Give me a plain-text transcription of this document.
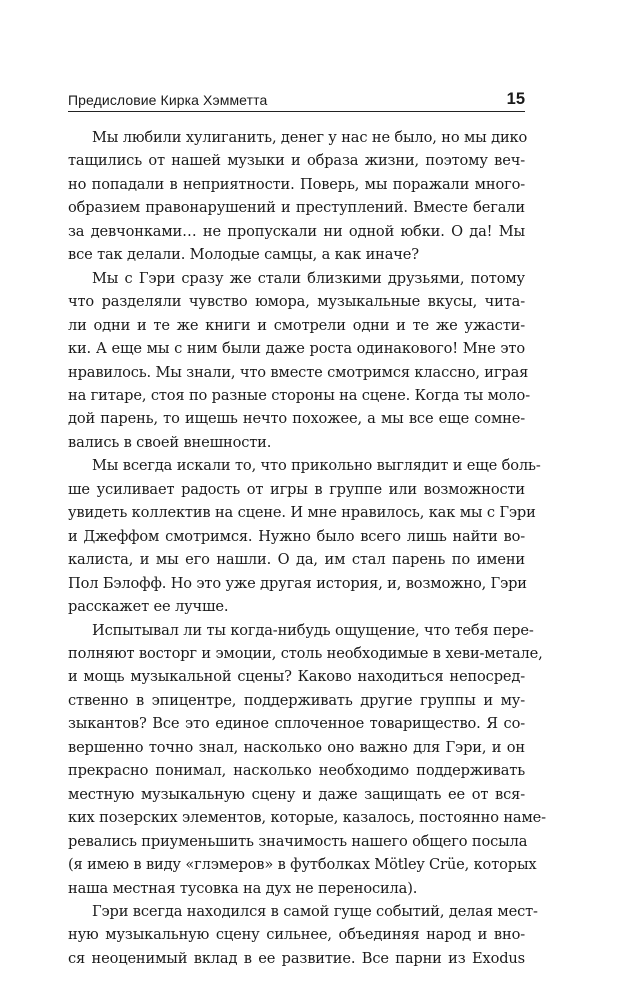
Предисловие Кирка Хэмметта	15
Мы любили хулиганить, денег у нас не было, но мы дико
тащились от нашей музыки и образа жизни, поэтому веч-
но попадали в неприятности. Поверь, мы поражали много-
образием правонарушений и преступлений. Вместе бегали
за девчонками… не пропускали ни одной юбки. О да! Мы
все так делали. Молодые самцы, а как иначе?
Мы с Гэри сразу же стали близкими друзьями, потому
что разделяли чувство юмора, музыкальные вкусы, чита-
ли одни и те же книги и смотрели одни и те же ужасти-
ки. А еще мы с ним были даже роста одинакового! Мне это
нравилось. Мы знали, что вместе смотримся классно, играя
на гитаре, стоя по разные стороны на сцене. Когда ты моло-
дой парень, то ищешь нечто похожее, а мы все еще сомне-
вались в своей внешности.
Мы всегда искали то, что прикольно выглядит и еще боль-
ше усиливает радость от игры в группе или возможности
увидеть коллектив на сцене. И мне нравилось, как мы с Гэри
и Джеффом смотримся. Нужно было всего лишь найти во-
калиста, и мы его нашли. О да, им стал парень по имени
Пол Бэлофф. Но это уже другая история, и, возможно, Гэри
расскажет ее лучше.
Испытывал ли ты когда-нибудь ощущение, что тебя пере-
полняют восторг и эмоции, столь необходимые в хеви-метале,
и мощь музыкальной сцены? Каково находиться непосред-
ственно в эпицентре, поддерживать другие группы и му-
зыкантов? Все это единое сплоченное товарищество. Я со-
вершенно точно знал, насколько оно важно для Гэри, и он
прекрасно понимал, насколько необходимо поддерживать
местную музыкальную сцену и даже защищать ее от вся-
ких позерских элементов, которые, казалось, постоянно наме-
ревались приуменьшить значимость нашего общего посыла
(я имею в виду «глэмеров» в футболках Mötley Crüe, которых
наша местная тусовка на дух не переносила).
Гэри всегда находился в самой гуще событий, делая мест-
ную музыкальную сцену сильнее, объединяя народ и вно-
ся неоценимый вклад в ее развитие. Все парни из Exodus
